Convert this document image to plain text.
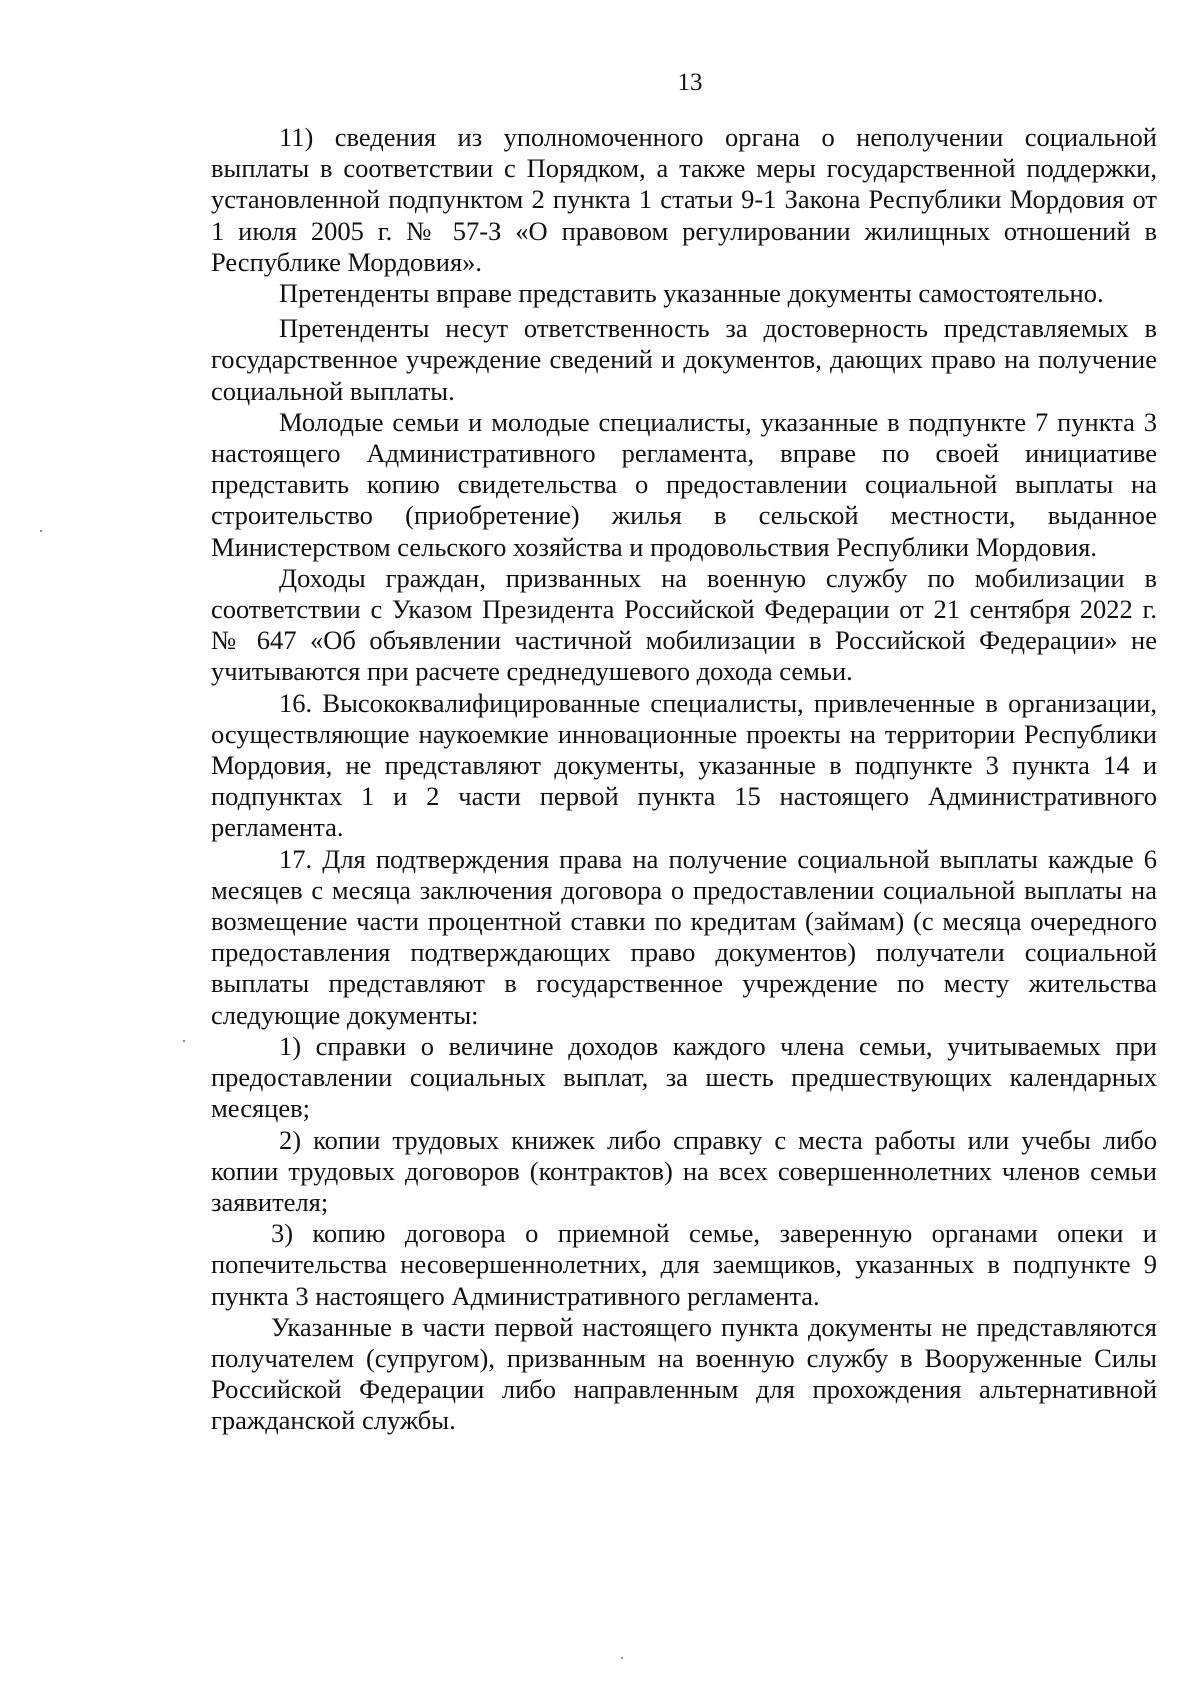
13

11) сведения из уполномоченного органа о неполучении социальной выплаты в соответствии с Порядком, а также меры государственной поддержки, установленной подпунктом 2 пункта 1 статьи 9-1 Закона Республики Мордовия от 1 июля 2005 г. № 57-З «О правовом регулировании жилищных отношений в Республике Мордовия».

Претенденты вправе представить указанные документы самостоятельно.

Претенденты несут ответственность за достоверность представляемых в государственное учреждение сведений и документов, дающих право на получение социальной выплаты.

Молодые семьи и молодые специалисты, указанные в подпункте 7 пункта 3 настоящего Административного регламента, вправе по своей инициативе представить копию свидетельства о предоставлении социальной выплаты на строительство (приобретение) жилья в сельской местности, выданное Министерством сельского хозяйства и продовольствия Республики Мордовия.

Доходы граждан, призванных на военную службу по мобилизации в соответствии с Указом Президента Российской Федерации от 21 сентября 2022 г. № 647 «Об объявлении частичной мобилизации в Российской Федерации» не учитываются при расчете среднедушевого дохода семьи.

16. Высококвалифицированные специалисты, привлеченные в организации, осуществляющие наукоемкие инновационные проекты на территории Республики Мордовия, не представляют документы, указанные в подпункте 3 пункта 14 и подпунктах 1 и 2 части первой пункта 15 настоящего Административного регламента.

17. Для подтверждения права на получение социальной выплаты каждые 6 месяцев с месяца заключения договора о предоставлении социальной выплаты на возмещение части процентной ставки по кредитам (займам) (с месяца очередного предоставления подтверждающих право документов) получатели социальной выплаты представляют в государственное учреждение по месту жительства следующие документы:

1) справки о величине доходов каждого члена семьи, учитываемых при предоставлении социальных выплат, за шесть предшествующих календарных месяцев;

2) копии трудовых книжек либо справку с места работы или учебы либо копии трудовых договоров (контрактов) на всех совершеннолетних членов семьи заявителя;

3) копию договора о приемной семье, заверенную органами опеки и попечительства несовершеннолетних, для заемщиков, указанных в подпункте 9 пункта 3 настоящего Административного регламента.

Указанные в части первой настоящего пункта документы не представляются получателем (супругом), призванным на военную службу в Вооруженные Силы Российской Федерации либо направленным для прохождения альтернативной гражданской службы.
